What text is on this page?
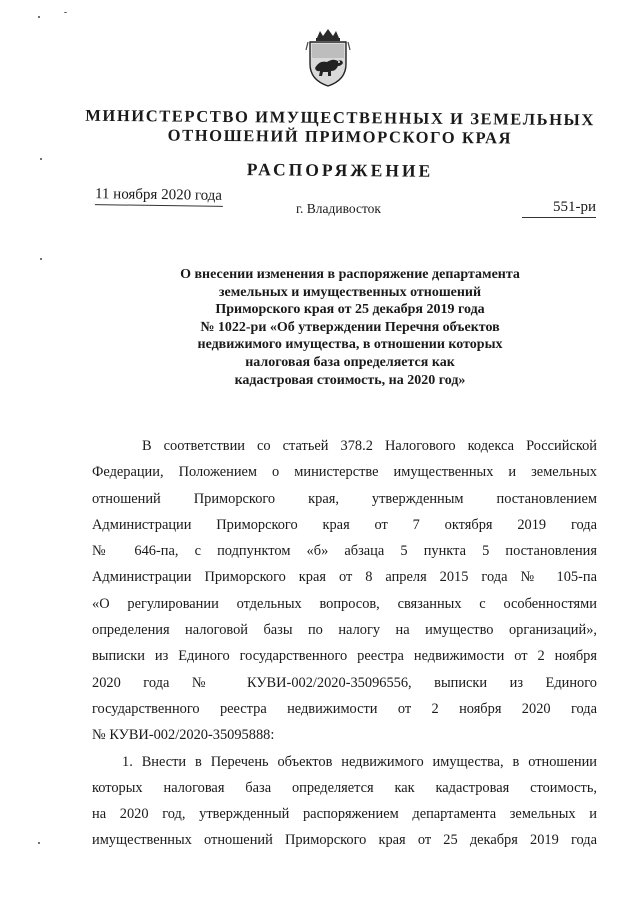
МИНИСТЕРСТВО ИМУЩЕСТВЕННЫХ И ЗЕМЕЛЬНЫХ
ОТНОШЕНИЙ ПРИМОРСКОГО КРАЯ
РАСПОРЯЖЕНИЕ
11 ноября 2020 года
г. Владивосток	551-ри
О внесении изменения в распоряжение департамента
земельных и имущественных отношений
Приморского края от 25 декабря 2019 года
№ 1022-ри «Об утверждении Перечня объектов
недвижимого имущества, в отношении которых
налоговая база определяется как
кадастровая стоимость, на 2020 год»
В соответствии со статьей 378.2 Налогового кодекса Российской
Федерации, Положением о министерстве имущественных и земельных
отношений Приморского края, утвержденным постановлением
Администрации Приморского края от 7 октября 2019 года
№ 646-па, с подпунктом «б» абзаца 5 пункта 5 постановления
Администрации Приморского края от 8 апреля 2015 года № 105-па
«О регулировании отдельных вопросов, связанных с особенностями
определения налоговой базы по налогу на имущество организаций»,
выписки из Единого государственного реестра недвижимости от 2 ноября
2020 года № КУВИ-002/2020-35096556, выписки из Единого
государственного реестра недвижимости от 2 ноября 2020 года
№ КУВИ-002/2020-35095888:
1. Внести в Перечень объектов недвижимого имущества, в отношении
которых налоговая база определяется как кадастровая стоимость,
на 2020 год, утвержденный распоряжением департамента земельных и
имущественных отношений Приморского края от 25 декабря 2019 года
